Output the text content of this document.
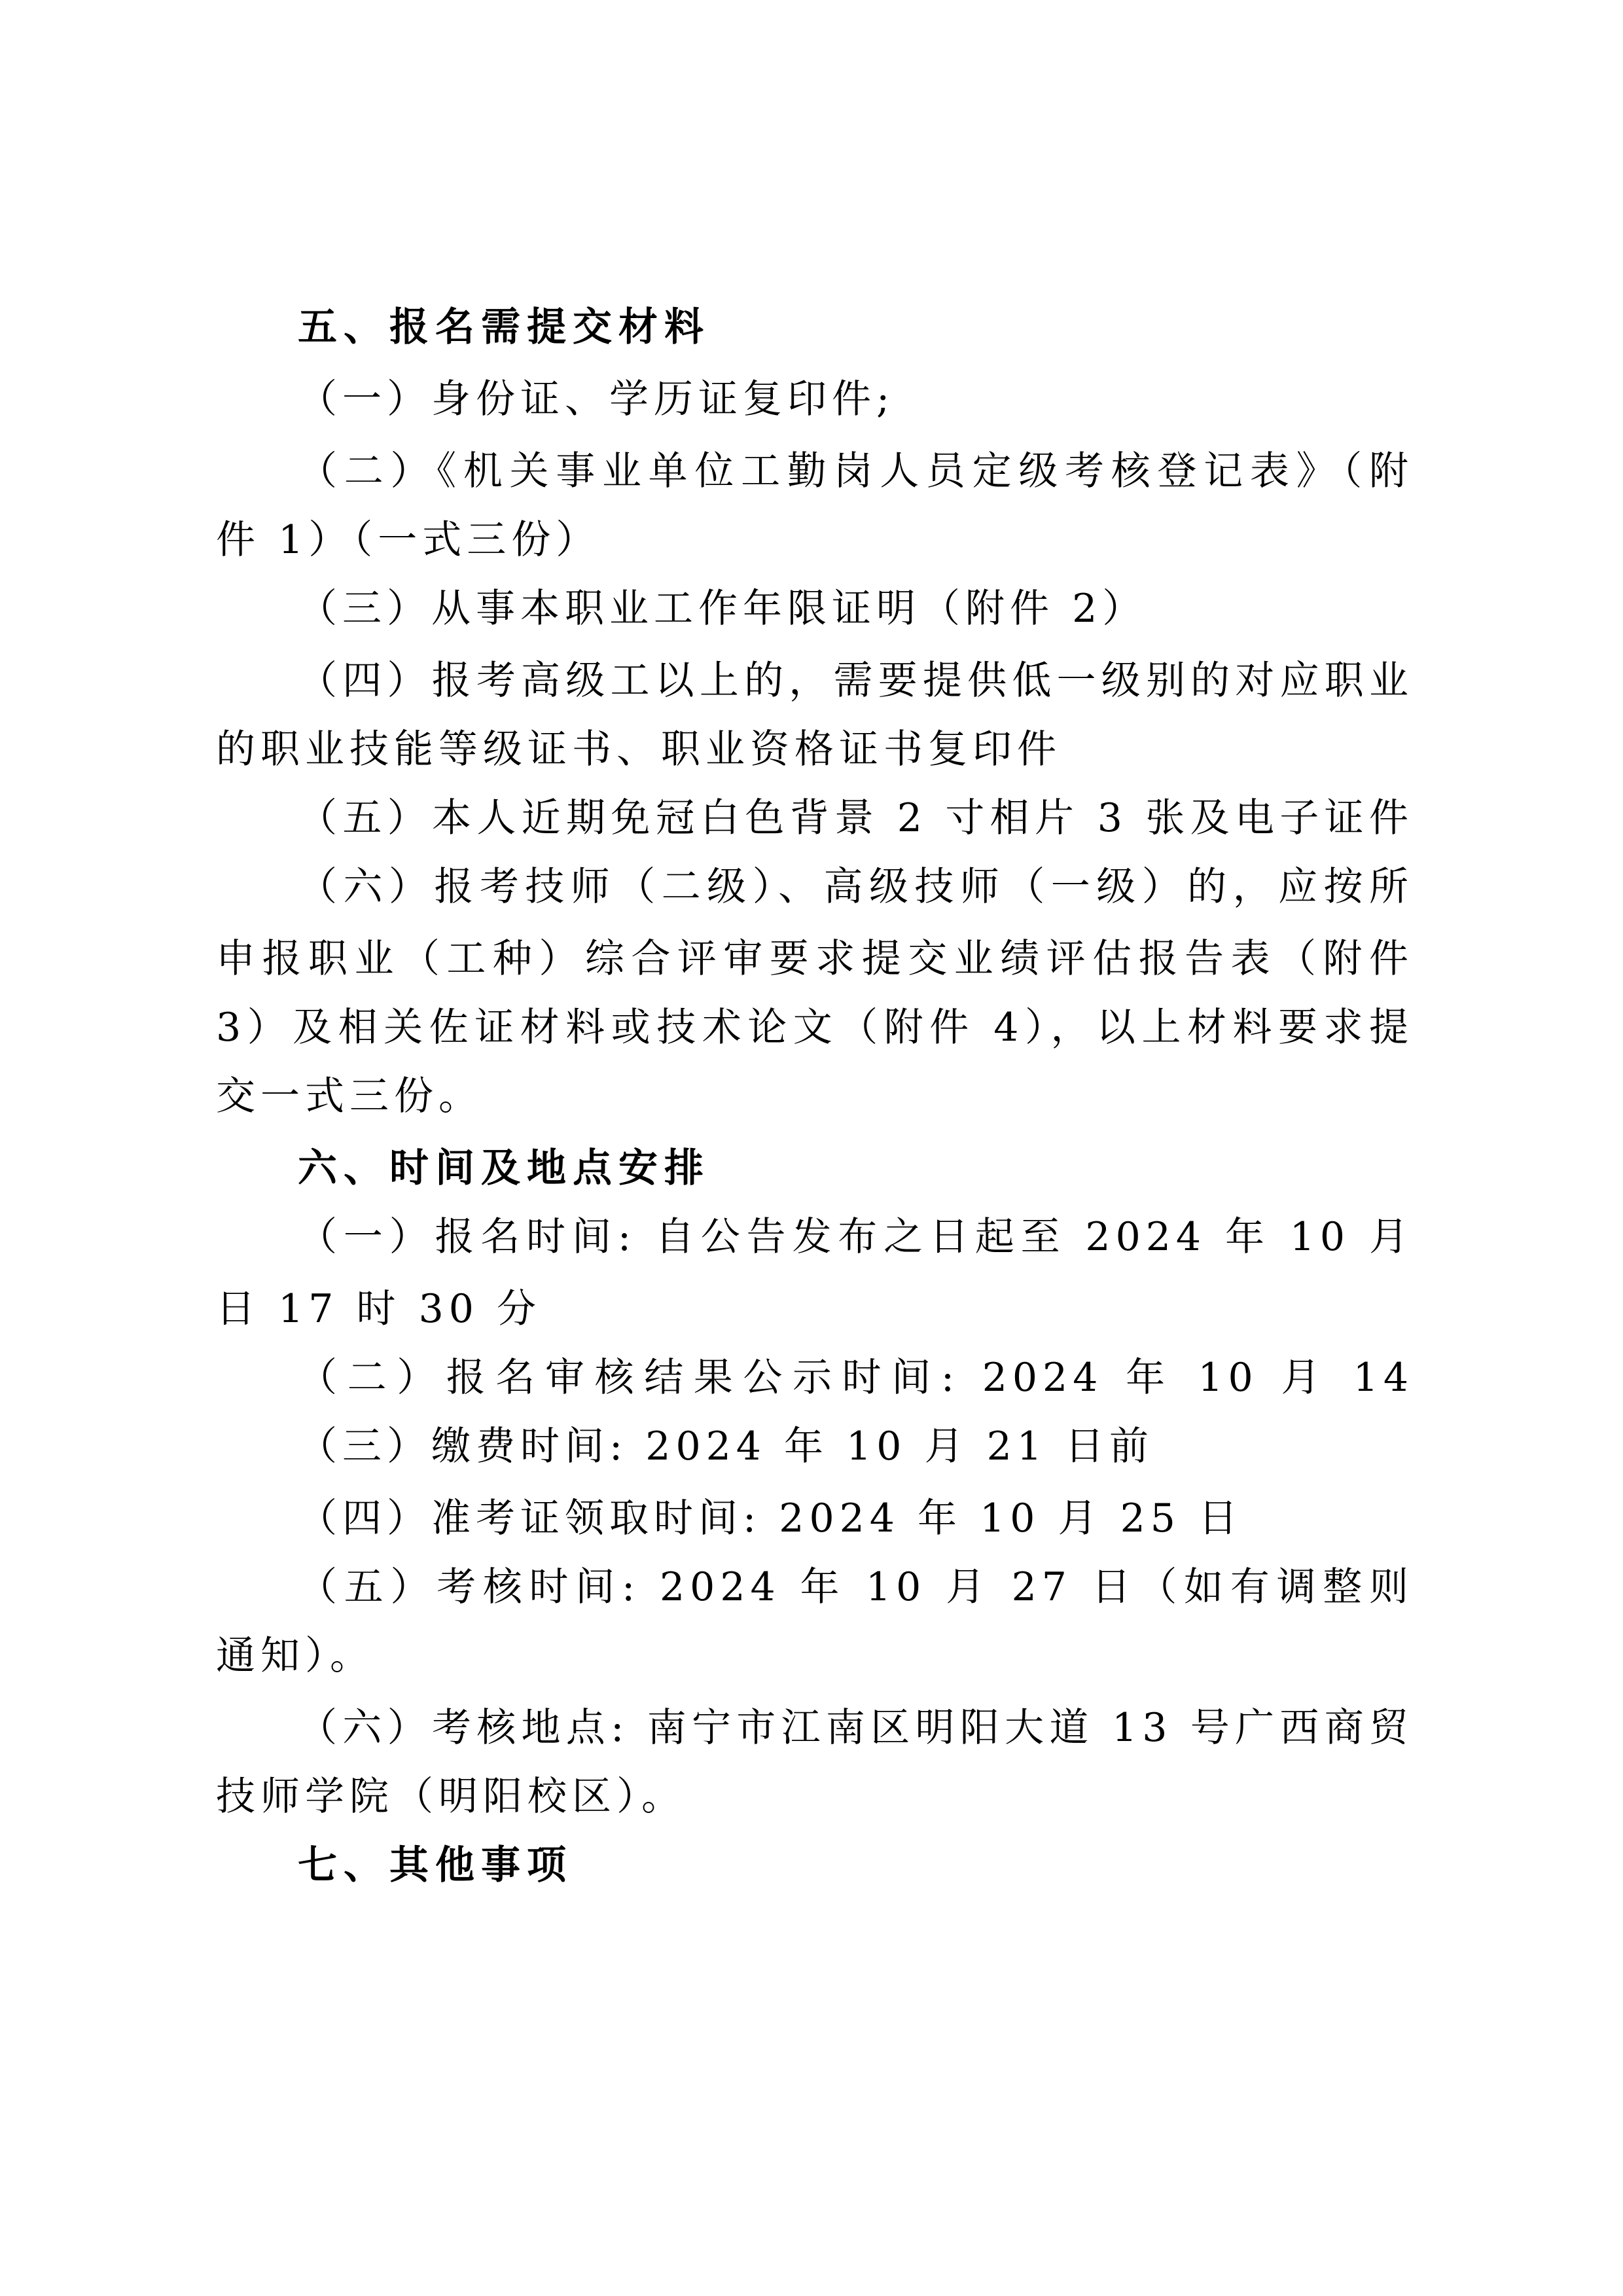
五、报名需提交材料
（一）身份证、学历证复印件;
（二）《机关事业单位工勤岗人员定级考核登记表》（附
件 1）（一式三份）
（三）从事本职业工作年限证明（附件 2）
（四）报考高级工以上的，需要提供低一级别的对应职业
的职业技能等级证书、职业资格证书复印件
（五）本人近期免冠白色背景 2 寸相片 3 张及电子证件
（六）报考技师（二级）、高级技师（一级）的，应按所
申报职业（工种）综合评审要求提交业绩评估报告表（附件
3）及相关佐证材料或技术论文（附件 4），以上材料要求提
交一式三份。
六、时间及地点安排
（一）报名时间: 自公告发布之日起至 2024 年 10 月
日 17 时 30 分
（二）报名审核结果公示时间: 2024 年 10 月 14
（三）缴费时间: 2024 年 10 月 21 日前
（四）准考证领取时间: 2024 年 10 月 25 日
（五）考核时间: 2024 年 10 月 27 日（如有调整则
通知）。
（六）考核地点: 南宁市江南区明阳大道 13 号广西商贸
技师学院（明阳校区）。
七、其他事项
